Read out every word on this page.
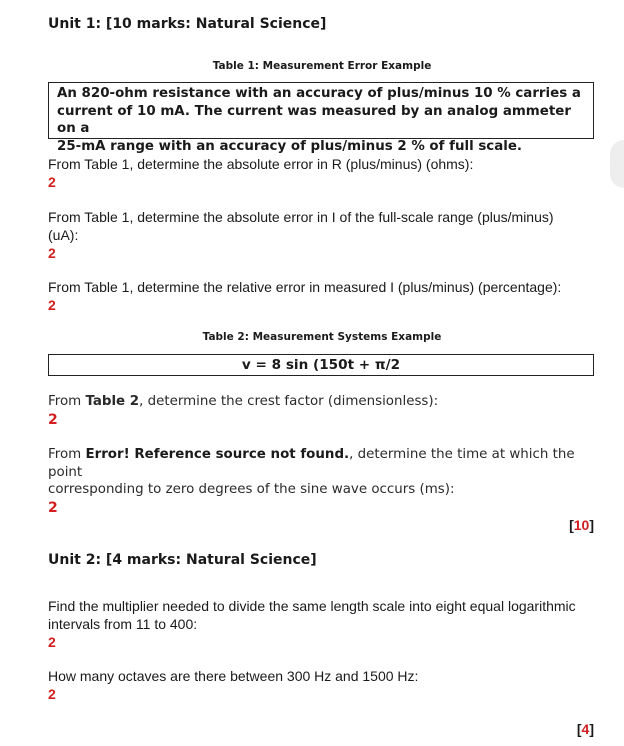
Unit 1: [10 marks: Natural Science]
Table 1: Measurement Error Example
An 820-ohm resistance with an accuracy of plus/minus 10 % carries a
current of 10 mA. The current was measured by an analog ammeter on a
25-mA range with an accuracy of plus/minus 2 % of full scale.
From Table 1, determine the absolute error in R (plus/minus) (ohms):
2
From Table 1, determine the absolute error in I of the full-scale range (plus/minus)
(uA):
2
From Table 1, determine the relative error in measured I (plus/minus) (percentage):
2
Table 2: Measurement Systems Example
v = 8 sin (150t + π/2
From Table 2, determine the crest factor (dimensionless):
2
From Error! Reference source not found., determine the time at which the point
corresponding to zero degrees of the sine wave occurs (ms):
2
[10]
Unit 2: [4 marks: Natural Science]
Find the multiplier needed to divide the same length scale into eight equal logarithmic
intervals from 11 to 400:
2
How many octaves are there between 300 Hz and 1500 Hz:
2
[4]
